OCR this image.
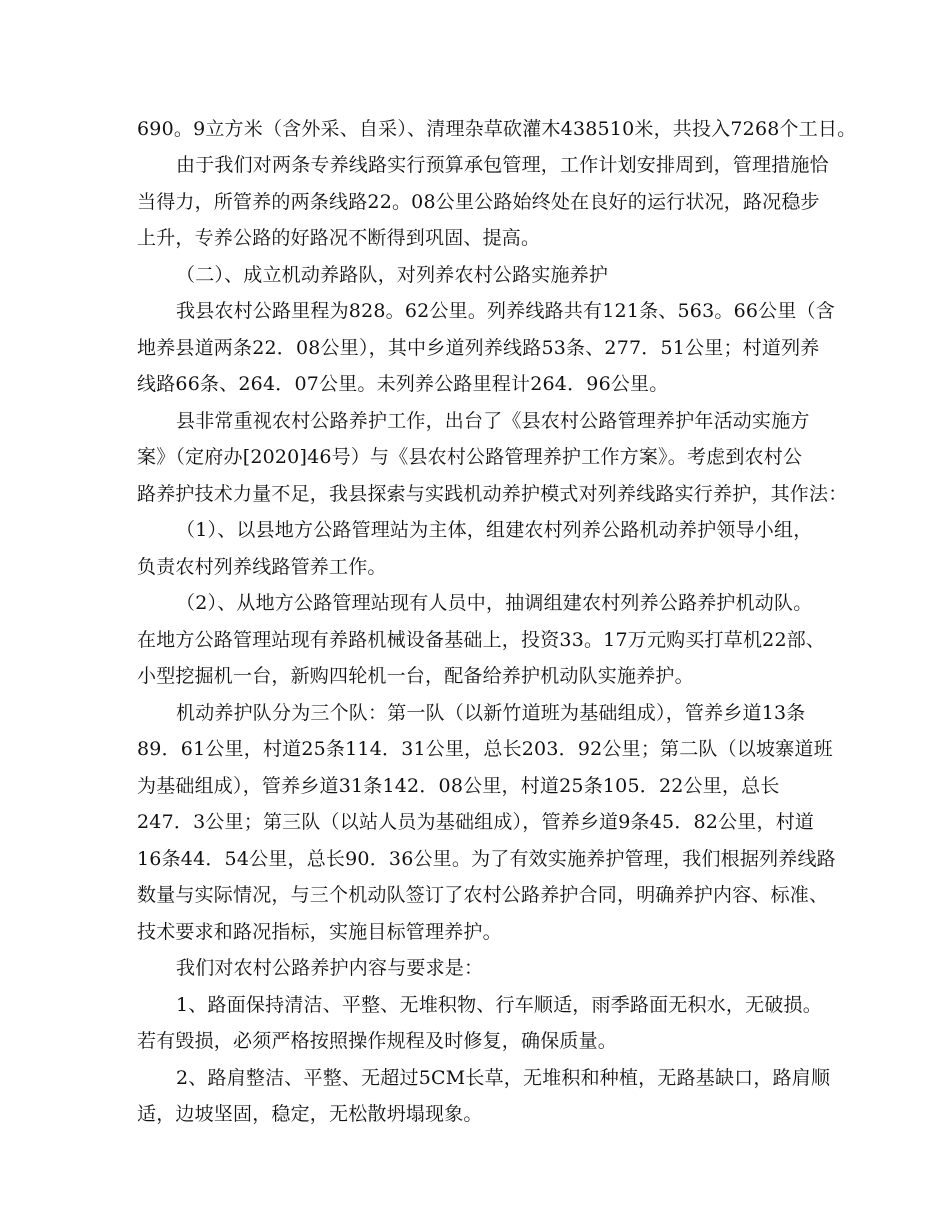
690。9立方米（含外采、自采）、清理杂草砍灌木438510米，共投入7268个工日。
由于我们对两条专养线路实行预算承包管理，工作计划安排周到，管理措施恰
当得力，所管养的两条线路22。08公里公路始终处在良好的运行状况，路况稳步
上升，专养公路的好路况不断得到巩固、提高。
（二）、成立机动养路队，对列养农村公路实施养护
我县农村公路里程为828。62公里。列养线路共有121条、563。66公里（含
地养县道两条22．08公里），其中乡道列养线路53条、277．51公里；村道列养
线路66条、264．07公里。未列养公路里程计264．96公里。
县非常重视农村公路养护工作，出台了《县农村公路管理养护年活动实施方
案》（定府办[2020]46号）与《县农村公路管理养护工作方案》。考虑到农村公
路养护技术力量不足，我县探索与实践机动养护模式对列养线路实行养护，其作法：
（1）、以县地方公路管理站为主体，组建农村列养公路机动养护领导小组，
负责农村列养线路管养工作。
（2）、从地方公路管理站现有人员中，抽调组建农村列养公路养护机动队。
在地方公路管理站现有养路机械设备基础上，投资33。17万元购买打草机22部、
小型挖掘机一台，新购四轮机一台，配备给养护机动队实施养护。
机动养护队分为三个队：第一队（以新竹道班为基础组成），管养乡道13条
89．61公里，村道25条114．31公里，总长203．92公里；第二队（以坡寨道班
为基础组成），管养乡道31条142．08公里，村道25条105．22公里，总长
247．3公里；第三队（以站人员为基础组成），管养乡道9条45．82公里，村道
16条44．54公里，总长90．36公里。为了有效实施养护管理，我们根据列养线路
数量与实际情况，与三个机动队签订了农村公路养护合同，明确养护内容、标准、
技术要求和路况指标，实施目标管理养护。
我们对农村公路养护内容与要求是：
1、路面保持清洁、平整、无堆积物、行车顺适，雨季路面无积水，无破损。
若有毁损，必须严格按照操作规程及时修复，确保质量。
2、路肩整洁、平整、无超过5CM长草，无堆积和种植，无路基缺口，路肩顺
适，边坡坚固，稳定，无松散坍塌现象。
